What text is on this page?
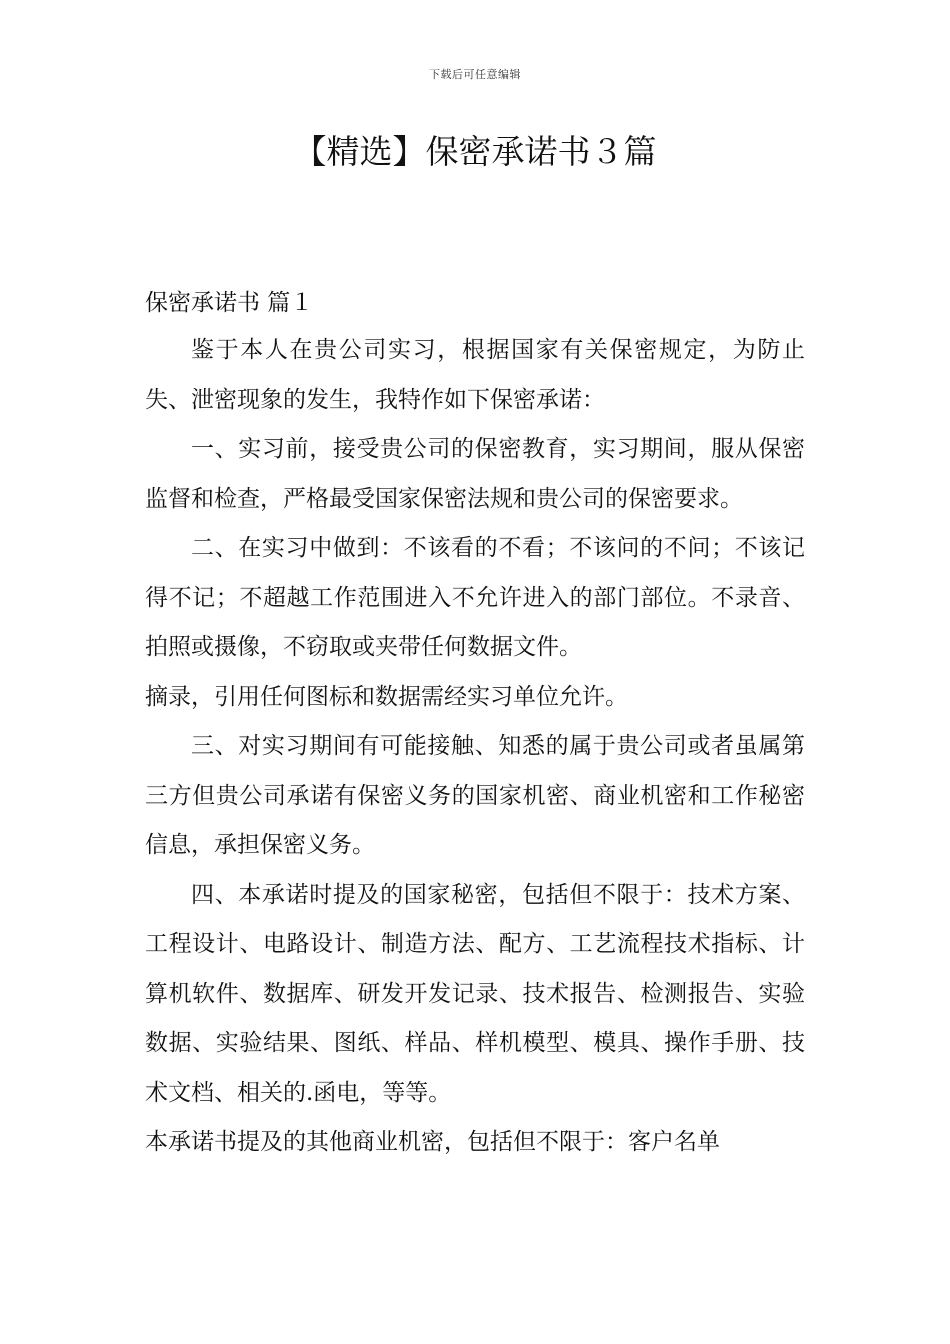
下载后可任意编辑
【精选】保密承诺书３篇
保密承诺书 篇１

鉴于本人在贵公司实习，根据国家有关保密规定，为防止失、泄密现象的发生，我特作如下保密承诺：

一、实习前，接受贵公司的保密教育，实习期间，服从保密监督和检查，严格最受国家保密法规和贵公司的保密要求。

二、在实习中做到：不该看的不看；不该问的不问；不该记得不记；不超越工作范围进入不允许进入的部门部位。不录音、拍照或摄像，不窃取或夹带任何数据文件。

摘录，引用任何图标和数据需经实习单位允许。

三、对实习期间有可能接触、知悉的属于贵公司或者虽属第三方但贵公司承诺有保密义务的国家机密、商业机密和工作秘密信息，承担保密义务。

四、本承诺时提及的国家秘密，包括但不限于：技术方案、工程设计、电路设计、制造方法、配方、工艺流程技术指标、计算机软件、数据库、研发开发记录、技术报告、检测报告、实验数据、实验结果、图纸、样品、样机模型、模具、操作手册、技术文档、相关的.函电，等等。

本承诺书提及的其他商业机密，包括但不限于：客户名单
